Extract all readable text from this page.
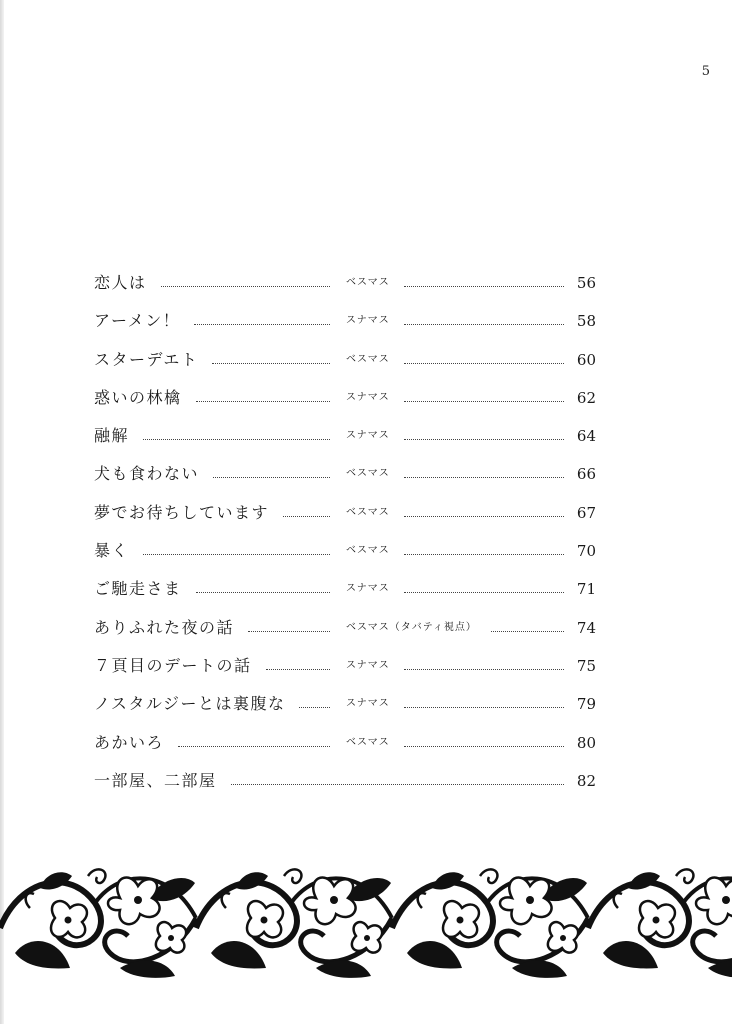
5
恋人は	ベスマス	56
アーメン！	スナマス	58
スターデエト	ベスマス	60
惑いの林檎	スナマス	62
融解	スナマス	64
犬も食わない	ベスマス	66
夢でお待ちしています	ベスマス	67
暴く	ベスマス	70
ご馳走さま	スナマス	71
ありふれた夜の話	ベスマス（タバティ視点）	74
７頁目のデートの話	スナマス	75
ノスタルジーとは裏腹な	スナマス	79
あかいろ	ベスマス	80
一部屋、二部屋	82
